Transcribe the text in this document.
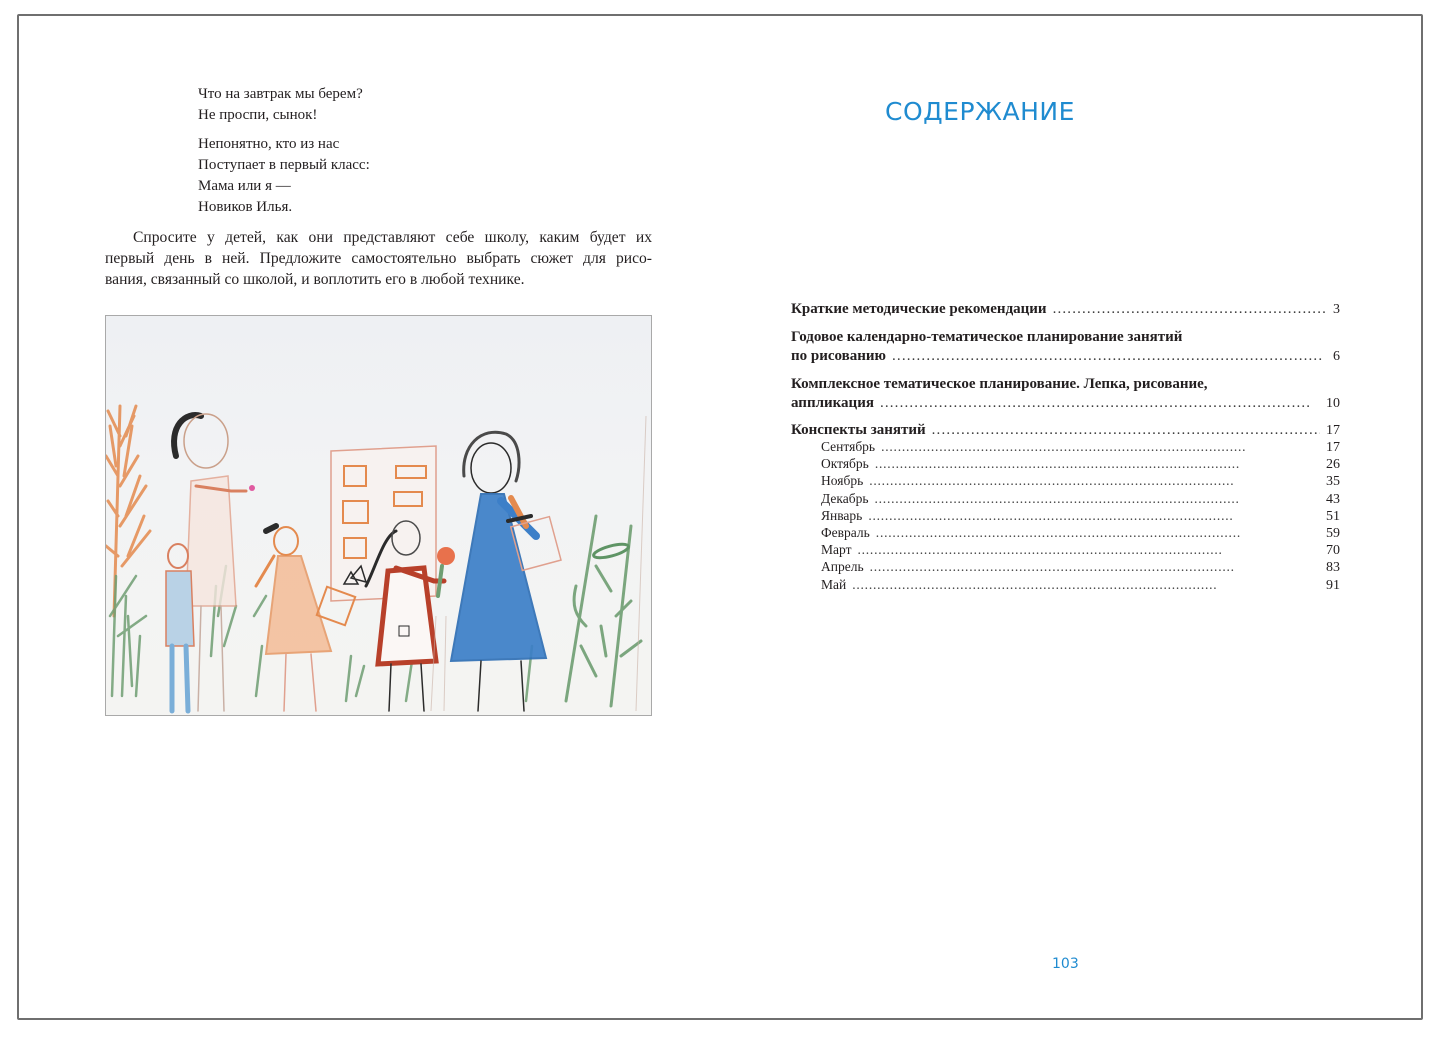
Что на завтрак мы берем?
Не проспи, сынок!
Непонятно, кто из нас
Поступает в первый класс:
Мама или я —
Новиков Илья.
Спросите у детей, как они представляют себе школу, каким будет их
первый день в ней. Предложите самостоятельно выбрать сюжет для рисо-
вания, связанный со школой, и воплотить его в любой технике.
СОДЕРЖАНИЕ
Краткие методические рекомендации . . .	3
Годовое календарно-тематическое планирование занятий
по рисованию . . .	6
Комплексное тематическое планирование. Лепка, рисование,
аппликация . . .	10
Конспекты занятий . . .	17
Сентябрь . . .	17
Октябрь . . .	26
Ноябрь . . .	35
Декабрь . . .	43
Январь . . .	51
Февраль . . .	59
Март . . .	70
Апрель . . .	83
Май . . .	91
103
